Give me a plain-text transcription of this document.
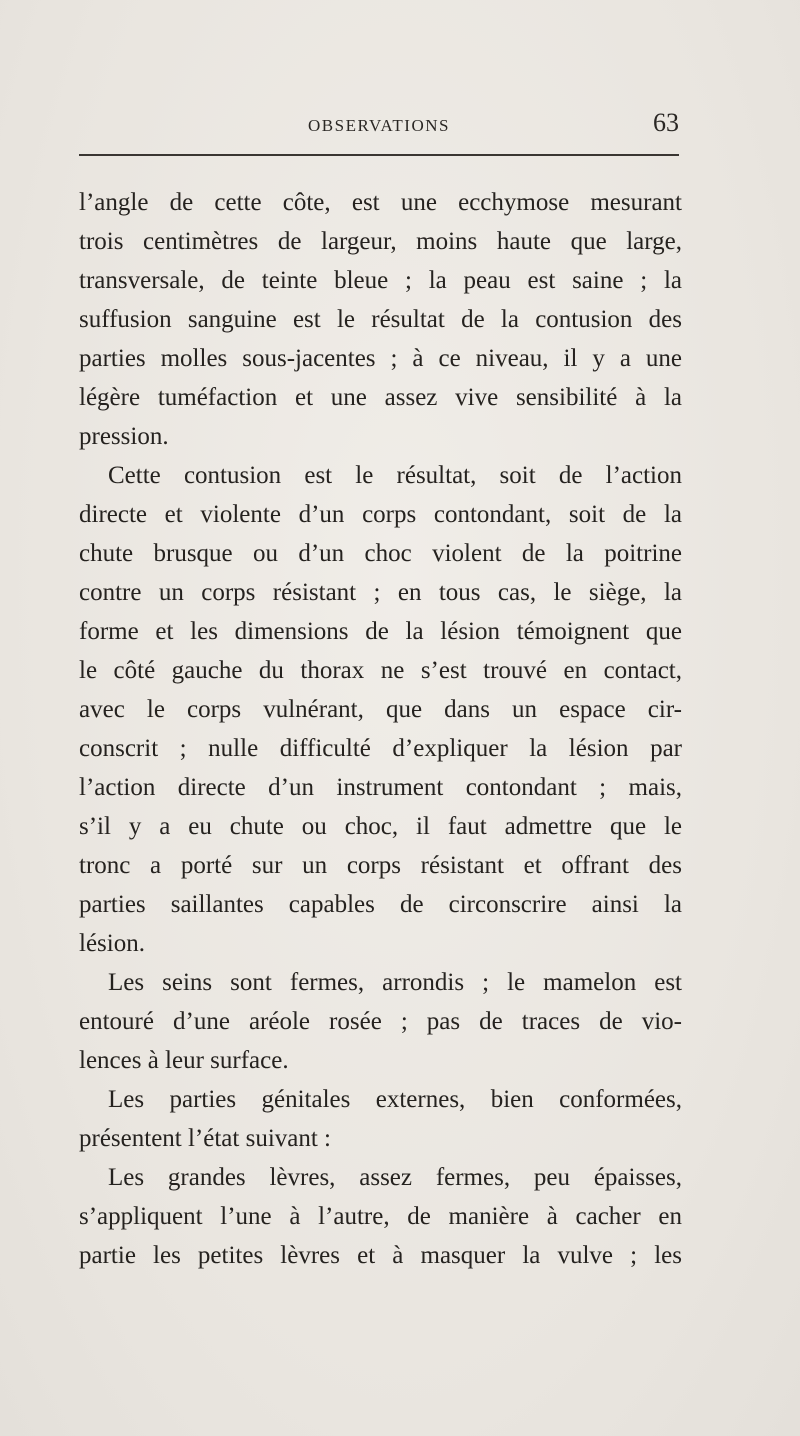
OBSERVATIONS	63
l’angle de cette côte, est une ecchymose mesurant
trois centimètres de largeur, moins haute que large,
transversale, de teinte bleue ; la peau est saine ; la
suffusion sanguine est le résultat de la contusion des
parties molles sous-jacentes ; à ce niveau, il y a une
légère tuméfaction et une assez vive sensibilité à la
pression.
Cette contusion est le résultat, soit de l’action
directe et violente d’un corps contondant, soit de la
chute brusque ou d’un choc violent de la poitrine
contre un corps résistant ; en tous cas, le siège, la
forme et les dimensions de la lésion témoignent que
le côté gauche du thorax ne s’est trouvé en contact,
avec le corps vulnérant, que dans un espace cir-
conscrit ; nulle difficulté d’expliquer la lésion par
l’action directe d’un instrument contondant ; mais,
s’il y a eu chute ou choc, il faut admettre que le
tronc a porté sur un corps résistant et offrant des
parties saillantes capables de circonscrire ainsi la
lésion.
Les seins sont fermes, arrondis ; le mamelon est
entouré d’une aréole rosée ; pas de traces de vio-
lences à leur surface.
Les parties génitales externes, bien conformées,
présentent l’état suivant :
Les grandes lèvres, assez fermes, peu épaisses,
s’appliquent l’une à l’autre, de manière à cacher en
partie les petites lèvres et à masquer la vulve ; les
